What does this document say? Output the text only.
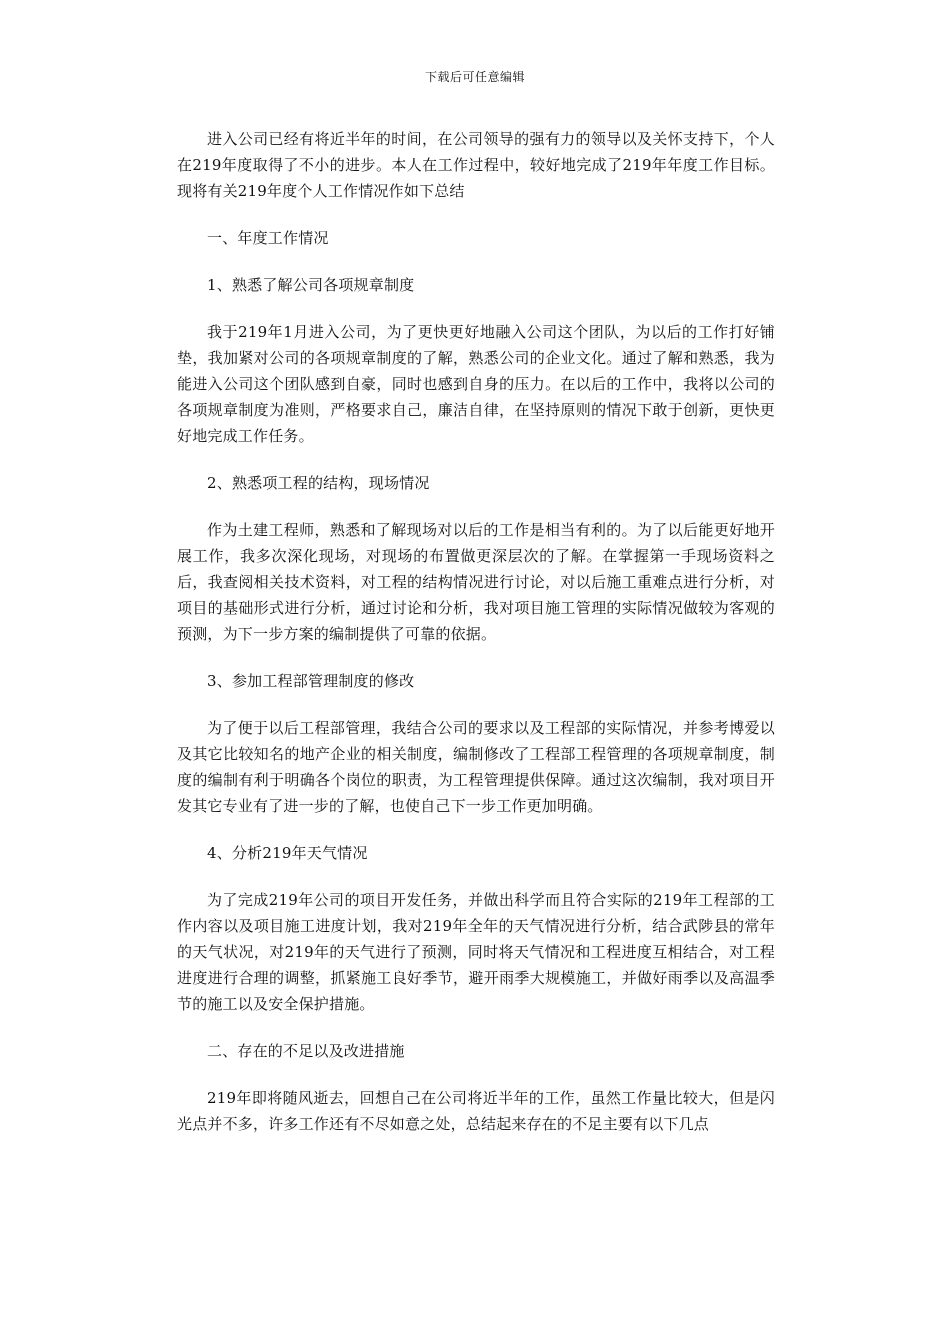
下载后可任意编辑

进入公司已经有将近半年的时间，在公司领导的强有力的领导以及关怀支持下，个人在219年度取得了不小的进步。本人在工作过程中，较好地完成了219年年度工作目标。现将有关219年度个人工作情况作如下总结

一、年度工作情况

1、熟悉了解公司各项规章制度

我于219年1月进入公司，为了更快更好地融入公司这个团队，为以后的工作打好铺垫，我加紧对公司的各项规章制度的了解，熟悉公司的企业文化。通过了解和熟悉，我为能进入公司这个团队感到自豪，同时也感到自身的压力。在以后的工作中，我将以公司的各项规章制度为准则，严格要求自己，廉洁自律，在坚持原则的情况下敢于创新，更快更好地完成工作任务。

2、熟悉项工程的结构，现场情况

作为土建工程师，熟悉和了解现场对以后的工作是相当有利的。为了以后能更好地开展工作，我多次深化现场，对现场的布置做更深层次的了解。在掌握第一手现场资料之后，我查阅相关技术资料，对工程的结构情况进行讨论，对以后施工重难点进行分析，对项目的基础形式进行分析，通过讨论和分析，我对项目施工管理的实际情况做较为客观的预测，为下一步方案的编制提供了可靠的依据。

3、参加工程部管理制度的修改

为了便于以后工程部管理，我结合公司的要求以及工程部的实际情况，并参考博爱以及其它比较知名的地产企业的相关制度，编制修改了工程部工程管理的各项规章制度，制度的编制有利于明确各个岗位的职责，为工程管理提供保障。通过这次编制，我对项目开发其它专业有了进一步的了解，也使自己下一步工作更加明确。

4、分析219年天气情况

为了完成219年公司的项目开发任务，并做出科学而且符合实际的219年工程部的工作内容以及项目施工进度计划，我对219年全年的天气情况进行分析，结合武陟县的常年的天气状况，对219年的天气进行了预测，同时将天气情况和工程进度互相结合，对工程进度进行合理的调整，抓紧施工良好季节，避开雨季大规模施工，并做好雨季以及高温季节的施工以及安全保护措施。

二、存在的不足以及改进措施

219年即将随风逝去，回想自己在公司将近半年的工作，虽然工作量比较大，但是闪光点并不多，许多工作还有不尽如意之处，总结起来存在的不足主要有以下几点
